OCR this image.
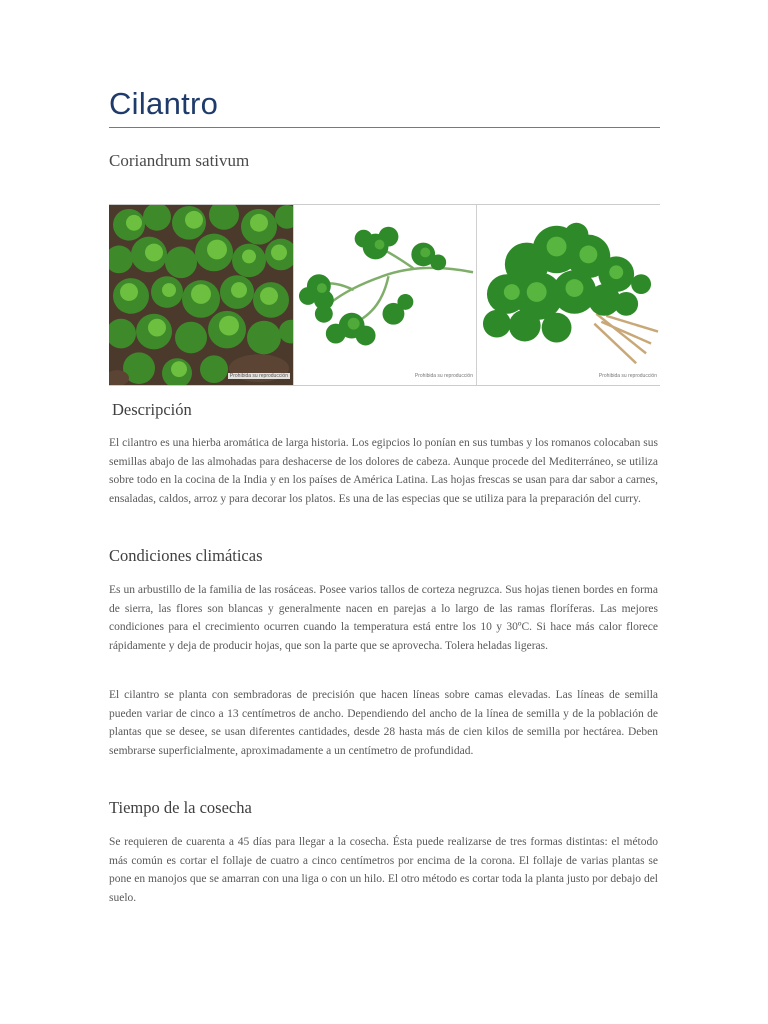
Cilantro
Coriandrum sativum
Prohibida su reproducción	Prohibida su reproducción	Prohibida su reproducción
Descripción

El cilantro es una hierba aromática de larga historia. Los egipcios lo ponían en sus tumbas y los romanos colocaban sus semillas abajo de las almohadas para deshacerse de los dolores de cabeza. Aunque procede del Mediterráneo, se utiliza sobre todo en la cocina de la India y en los países de América Latina. Las hojas frescas se usan para dar sabor a carnes, ensaladas, caldos, arroz y para decorar los platos. Es una de las especias que se utiliza para la preparación del curry.

Condiciones climáticas

Es un arbustillo de la familia de las rosáceas. Posee varios tallos de corteza negruzca. Sus hojas tienen bordes en forma de sierra, las flores son blancas y generalmente nacen en parejas a lo largo de las ramas floríferas. Las mejores condiciones para el crecimiento ocurren cuando la temperatura está entre los 10 y 30ºC. Si hace más calor florece rápidamente y deja de producir hojas, que son la parte que se aprovecha. Tolera heladas ligeras.

El cilantro se planta con sembradoras de precisión que hacen líneas sobre camas elevadas. Las líneas de semilla pueden variar de cinco a 13 centímetros de ancho. Dependiendo del ancho de la línea de semilla y de la población de plantas que se desee, se usan diferentes cantidades, desde 28 hasta más de cien kilos de semilla por hectárea. Deben sembrarse superficialmente, aproximadamente a un centímetro de profundidad.

Tiempo de la cosecha

Se requieren de cuarenta a 45 días para llegar a la cosecha. Ésta puede realizarse de tres formas distintas: el método más común es cortar el follaje de cuatro a cinco centímetros por encima de la corona. El follaje de varias plantas se pone en manojos que se amarran con una liga o con un hilo. El otro método es cortar toda la planta justo por debajo del suelo.
